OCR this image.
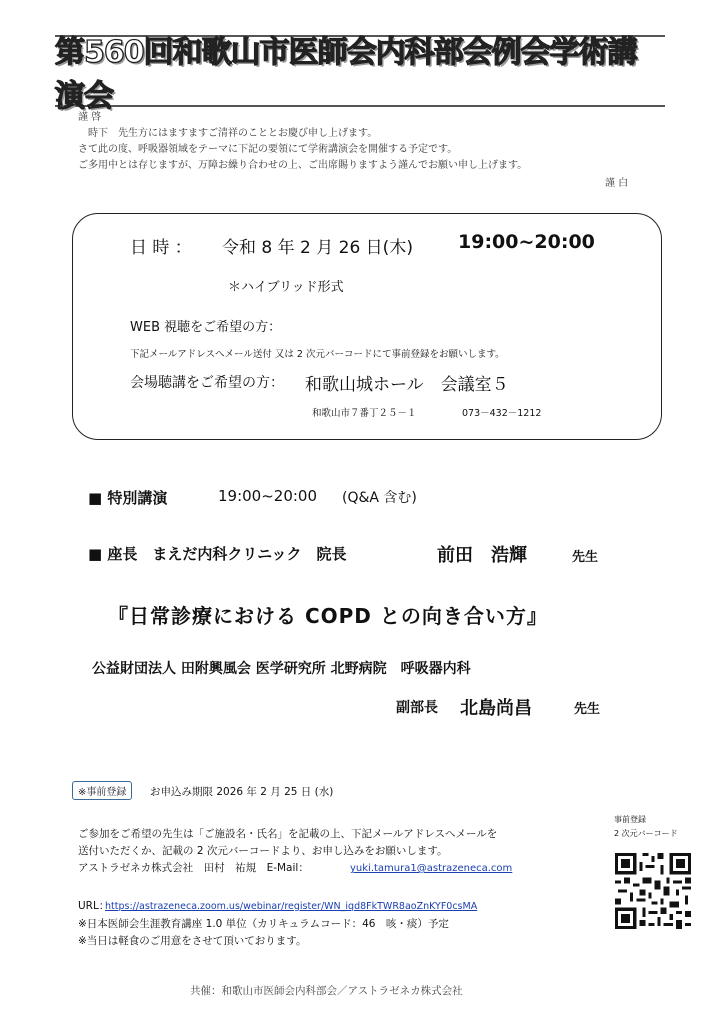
第560回和歌山市医師会内科部会例会学術講演会
謹 啓
時下　先生方にはますますご清祥のこととお慶び申し上げます。
さて此の度、呼吸器領域をテーマに下記の要領にて学術講演会を開催する予定です。
ご多用中とは存じますが、万障お繰り合わせの上、ご出席賜りますよう謹んでお願い申し上げます。
謹 白
日 時 ： 令和 8 年 2 月 26 日(木) 19:00~20:00
＊ハイブリッド形式
WEB 視聴をご希望の方：
下記メールアドレスへメール送付 又は 2 次元バーコードにて事前登録をお願いします。
会場聴講をご希望の方： 和歌山城ホール　会議室５
和歌山市７番丁２５－１	073－432－1212
■ 特別講演	19:00~20:00 (Q&A 含む)
■ 座長　まえだ内科クリニック　院長	前田　浩輝	先生
『日常診療における COPD との向き合い方』
公益財団法人 田附興風会 医学研究所 北野病院　呼吸器内科
副部長 北島尚昌	先生
※事前登録	お申込み期限 2026 年 2 月 25 日 (水)
ご参加をご希望の先生は「ご施設名・氏名」を記載の上、下記メールアドレスへメールを
送付いただくか、記載の 2 次元バーコードより、お申し込みをお願いします。
アストラゼネカ株式会社　田村　祐規　E-Mail：	yuki.tamura1@astrazeneca.com
URL：
https://astrazeneca.zoom.us/webinar/register/WN_iqd8FkTWR8aoZnKYF0csMA
※日本医師会生涯教育講座 1.0 単位（カリキュラムコード：46　咳・痰）予定
※当日は軽食のご用意をさせて頂いております。
事前登録
2 次元バーコード
共催：和歌山市医師会内科部会／アストラゼネカ株式会社
